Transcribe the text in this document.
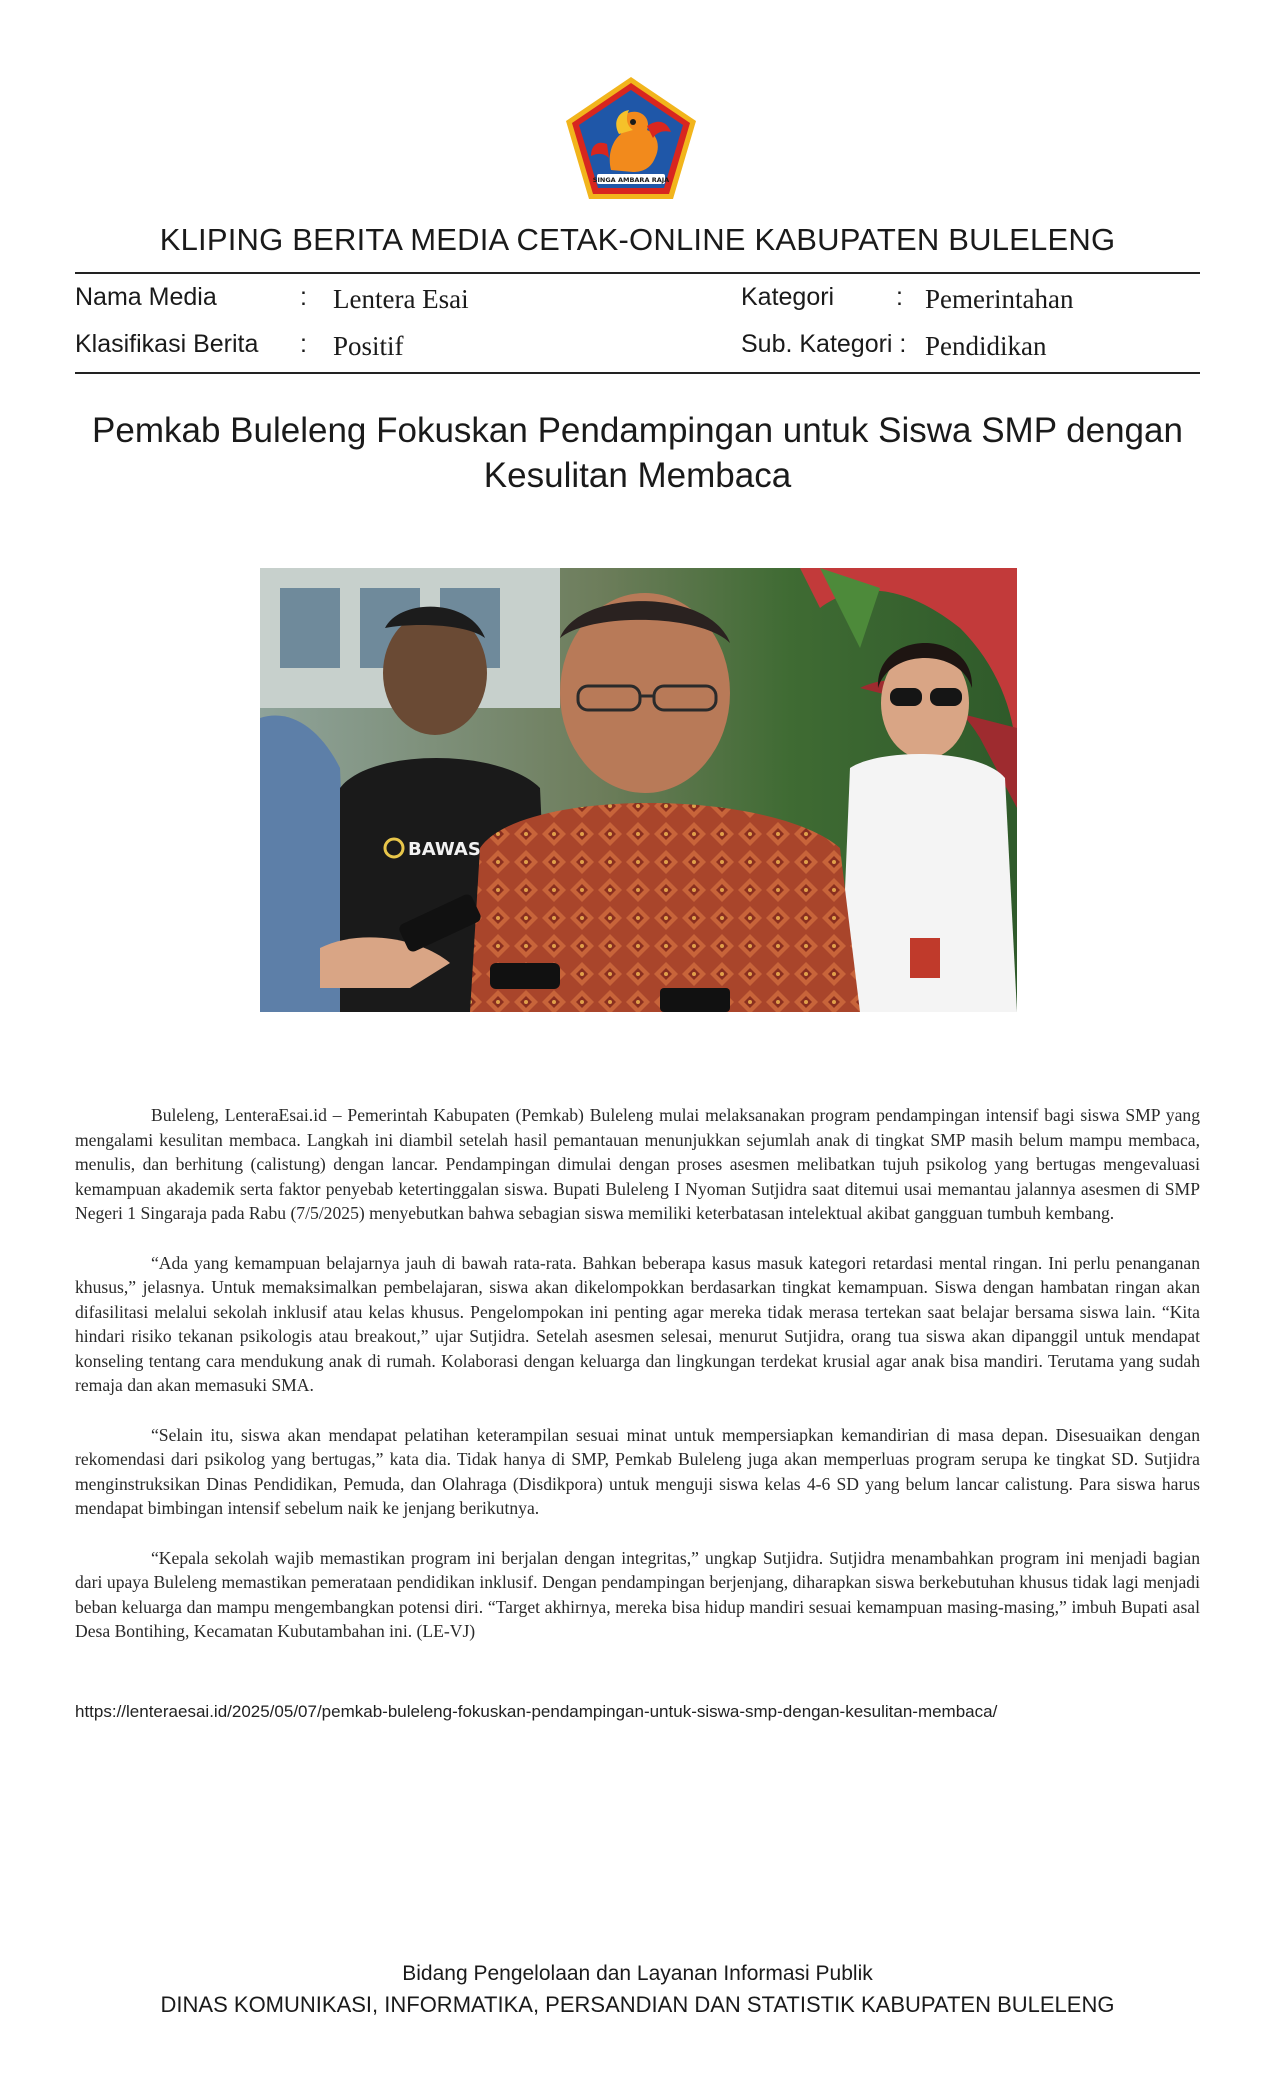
SINGA AMBARA RAJA
KLIPING BERITA MEDIA CETAK-ONLINE KABUPATEN BULELENG
Nama Media	: Lentera Esai
Klasifikasi Berita : Positif
Kategori : Pemerintahan
Sub. Kategori : Pendidikan
Pemkab Buleleng Fokuskan Pendampingan untuk Siswa SMP dengan
Kesulitan Membaca
BAWAS

Buleleng, LenteraEsai.id – Pemerintah Kabupaten (Pemkab) Buleleng mulai melaksanakan program pendampingan intensif bagi siswa SMP yang mengalami kesulitan membaca. Langkah ini diambil setelah hasil pemantauan menunjukkan sejumlah anak di tingkat SMP masih belum mampu membaca, menulis, dan berhitung (calistung) dengan lancar. Pendampingan dimulai dengan proses asesmen melibatkan tujuh psikolog yang bertugas mengevaluasi kemampuan akademik serta faktor penyebab ketertinggalan siswa. Bupati Buleleng I Nyoman Sutjidra saat ditemui usai memantau jalannya asesmen di SMP Negeri 1 Singaraja pada Rabu (7/5/2025) menyebutkan bahwa sebagian siswa memiliki keterbatasan intelektual akibat gangguan tumbuh kembang.

“Ada yang kemampuan belajarnya jauh di bawah rata-rata. Bahkan beberapa kasus masuk kategori retardasi mental ringan. Ini perlu penanganan khusus,” jelasnya. Untuk memaksimalkan pembelajaran, siswa akan dikelompokkan berdasarkan tingkat kemampuan. Siswa dengan hambatan ringan akan difasilitasi melalui sekolah inklusif atau kelas khusus. Pengelompokan ini penting agar mereka tidak merasa tertekan saat belajar bersama siswa lain. “Kita hindari risiko tekanan psikologis atau breakout,” ujar Sutjidra. Setelah asesmen selesai, menurut Sutjidra, orang tua siswa akan dipanggil untuk mendapat konseling tentang cara mendukung anak di rumah. Kolaborasi dengan keluarga dan lingkungan terdekat krusial agar anak bisa mandiri. Terutama yang sudah remaja dan akan memasuki SMA.

“Selain itu, siswa akan mendapat pelatihan keterampilan sesuai minat untuk mempersiapkan kemandirian di masa depan. Disesuaikan dengan rekomendasi dari psikolog yang bertugas,” kata dia. Tidak hanya di SMP, Pemkab Buleleng juga akan memperluas program serupa ke tingkat SD. Sutjidra menginstruksikan Dinas Pendidikan, Pemuda, dan Olahraga (Disdikpora) untuk menguji siswa kelas 4-6 SD yang belum lancar calistung. Para siswa harus mendapat bimbingan intensif sebelum naik ke jenjang berikutnya.

“Kepala sekolah wajib memastikan program ini berjalan dengan integritas,” ungkap Sutjidra. Sutjidra menambahkan program ini menjadi bagian dari upaya Buleleng memastikan pemerataan pendidikan inklusif. Dengan pendampingan berjenjang, diharapkan siswa berkebutuhan khusus tidak lagi menjadi beban keluarga dan mampu mengembangkan potensi diri. “Target akhirnya, mereka bisa hidup mandiri sesuai kemampuan masing-masing,” imbuh Bupati asal Desa Bontihing, Kecamatan Kubutambahan ini. (LE-VJ)

https://lenteraesai.id/2025/05/07/pemkab-buleleng-fokuskan-pendampingan-untuk-siswa-smp-dengan-kesulitan-membaca/
Bidang Pengelolaan dan Layanan Informasi Publik
DINAS KOMUNIKASI, INFORMATIKA, PERSANDIAN DAN STATISTIK KABUPATEN BULELENG
